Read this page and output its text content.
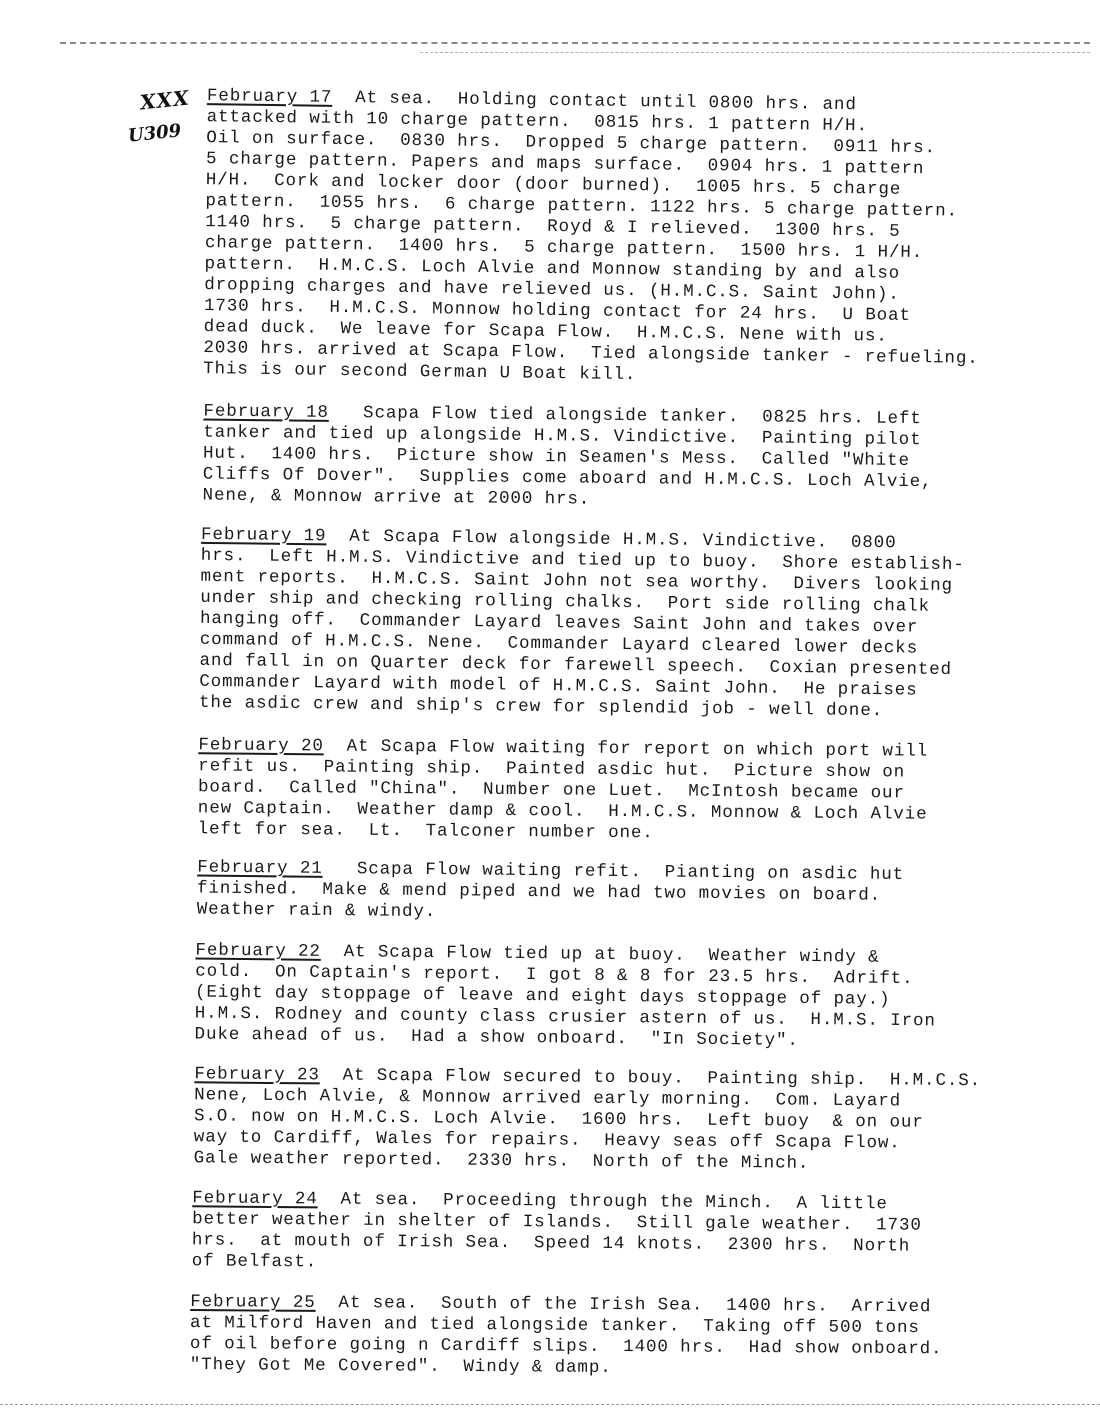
XXX
U309
February 17  At sea.  Holding contact until 0800 hrs. and
attacked with 10 charge pattern.  0815 hrs. 1 pattern H/H.
Oil on surface.  0830 hrs.  Dropped 5 charge pattern.  0911 hrs.
5 charge pattern. Papers and maps surface.  0904 hrs. 1 pattern
H/H.  Cork and locker door (door burned).  1005 hrs. 5 charge
pattern.  1055 hrs.  6 charge pattern. 1122 hrs. 5 charge pattern.
1140 hrs.  5 charge pattern.  Royd & I relieved.  1300 hrs. 5
charge pattern.  1400 hrs.  5 charge pattern.  1500 hrs. 1 H/H.
pattern.  H.M.C.S. Loch Alvie and Monnow standing by and also
dropping charges and have relieved us. (H.M.C.S. Saint John).
1730 hrs.  H.M.C.S. Monnow holding contact for 24 hrs.  U Boat
dead duck.  We leave for Scapa Flow.  H.M.C.S. Nene with us.
2030 hrs. arrived at Scapa Flow.  Tied alongside tanker - refueling.
This is our second German U Boat kill.
February 18   Scapa Flow tied alongside tanker.  0825 hrs. Left
tanker and tied up alongside H.M.S. Vindictive.  Painting pilot
Hut.  1400 hrs.  Picture show in Seamen's Mess.  Called "White
Cliffs Of Dover".  Supplies come aboard and H.M.C.S. Loch Alvie,
Nene, & Monnow arrive at 2000 hrs.
February 19  At Scapa Flow alongside H.M.S. Vindictive.  0800
hrs.  Left H.M.S. Vindictive and tied up to buoy.  Shore establish-
ment reports.  H.M.C.S. Saint John not sea worthy.  Divers looking
under ship and checking rolling chalks.  Port side rolling chalk
hanging off.  Commander Layard leaves Saint John and takes over
command of H.M.C.S. Nene.  Commander Layard cleared lower decks
and fall in on Quarter deck for farewell speech.  Coxian presented
Commander Layard with model of H.M.C.S. Saint John.  He praises
the asdic crew and ship's crew for splendid job - well done.
February 20  At Scapa Flow waiting for report on which port will
refit us.  Painting ship.  Painted asdic hut.  Picture show on
board.  Called "China".  Number one Luet.  McIntosh became our
new Captain.  Weather damp & cool.  H.M.C.S. Monnow & Loch Alvie
left for sea.  Lt.  Talconer number one.
February 21   Scapa Flow waiting refit.  Pianting on asdic hut
finished.  Make & mend piped and we had two movies on board.
Weather rain & windy.
February 22  At Scapa Flow tied up at buoy.  Weather windy &
cold.  On Captain's report.  I got 8 & 8 for 23.5 hrs.  Adrift.
(Eight day stoppage of leave and eight days stoppage of pay.)
H.M.S. Rodney and county class crusier astern of us.  H.M.S. Iron
Duke ahead of us.  Had a show onboard.  "In Society".
February 23  At Scapa Flow secured to bouy.  Painting ship.  H.M.C.S.
Nene, Loch Alvie, & Monnow arrived early morning.  Com. Layard
S.O. now on H.M.C.S. Loch Alvie.  1600 hrs.  Left buoy  & on our
way to Cardiff, Wales for repairs.  Heavy seas off Scapa Flow.
Gale weather reported.  2330 hrs.  North of the Minch.
February 24  At sea.  Proceeding through the Minch.  A little
better weather in shelter of Islands.  Still gale weather.  1730
hrs.  at mouth of Irish Sea.  Speed 14 knots.  2300 hrs.  North
of Belfast.
February 25  At sea.  South of the Irish Sea.  1400 hrs.  Arrived
at Milford Haven and tied alongside tanker.  Taking off 500 tons
of oil before going n Cardiff slips.  1400 hrs.  Had show onboard.
"They Got Me Covered".  Windy & damp.
